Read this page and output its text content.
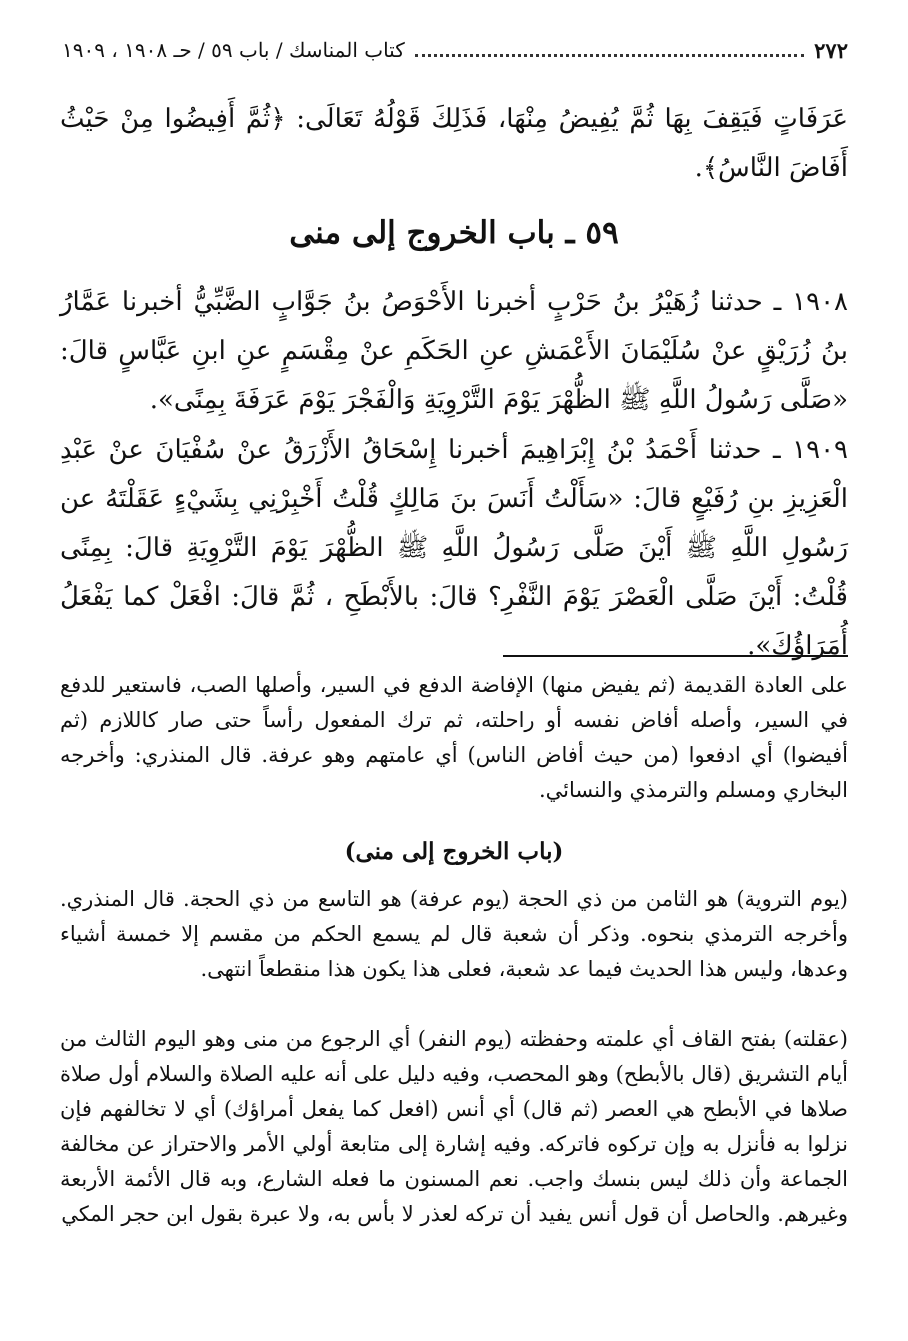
٢٧٢
كتاب المناسك / باب ٥٩ / حـ ١٩٠٨ ، ١٩٠٩

عَرَفَاتٍ فَيَقِفَ بِهَا ثُمَّ يُفِيضُ مِنْهَا، فَذَلِكَ قَوْلُهُ تَعَالَى: ﴿ثُمَّ أَفِيضُوا مِنْ حَيْثُ أَفَاضَ النَّاسُ﴾.

٥٩ ـ باب الخروج إلى منى

١٩٠٨ ـ حدثنا زُهَيْرُ بنُ حَرْبٍ أخبرنا الأَحْوَصُ بنُ جَوَّابٍ الضَّبِّيُّ أخبرنا عَمَّارُ بنُ زُرَيْقٍ عنْ سُلَيْمَانَ الأَعْمَشِ عنِ الحَكَمِ عنْ مِقْسَمٍ عنِ ابنِ عَبَّاسٍ قالَ: «صَلَّى رَسُولُ اللَّهِ ﷺ الظُّهْرَ يَوْمَ التَّرْوِيَةِ وَالْفَجْرَ يَوْمَ عَرَفَةَ بِمِنًى».

١٩٠٩ ـ حدثنا أَحْمَدُ بْنُ إِبْرَاهِيمَ أخبرنا إِسْحَاقُ الأَزْرَقُ عنْ سُفْيَانَ عنْ عَبْدِ الْعَزِيزِ بنِ رُفَيْعٍ قالَ: «سَأَلْتُ أَنَسَ بنَ مَالِكٍ قُلْتُ أَخْبِرْنِي بِشَيْءٍ عَقَلْتَهُ عن رَسُولِ اللَّهِ ﷺ أَيْنَ صَلَّى رَسُولُ اللَّهِ ﷺ الظُّهْرَ يَوْمَ التَّرْوِيَةِ قالَ: بِمِنًى قُلْتُ: أَيْنَ صَلَّى الْعَصْرَ يَوْمَ النَّفْرِ؟ قالَ: بالأَبْطَحِ ، ثُمَّ قالَ: افْعَلْ كما يَفْعَلُ أُمَرَاؤُكَ».

على العادة القديمة (ثم يفيض منها) الإفاضة الدفع في السير، وأصلها الصب، فاستعير للدفع في السير، وأصله أفاض نفسه أو راحلته، ثم ترك المفعول رأساً حتى صار كاللازم (ثم أفيضوا) أي ادفعوا (من حيث أفاض الناس) أي عامتهم وهو عرفة. قال المنذري: وأخرجه البخاري ومسلم والترمذي والنسائي.

(باب الخروج إلى منى)

(يوم التروية) هو الثامن من ذي الحجة (يوم عرفة) هو التاسع من ذي الحجة. قال المنذري. وأخرجه الترمذي بنحوه. وذكر أن شعبة قال لم يسمع الحكم من مقسم إلا خمسة أشياء وعدها، وليس هذا الحديث فيما عد شعبة، فعلى هذا يكون هذا منقطعاً انتهى.

(عقلته) بفتح القاف أي علمته وحفظته (يوم النفر) أي الرجوع من منى وهو اليوم الثالث من أيام التشريق (قال بالأبطح) وهو المحصب، وفيه دليل على أنه عليه الصلاة والسلام أول صلاة صلاها في الأبطح هي العصر (ثم قال) أي أنس (افعل كما يفعل أمراؤك) أي لا تخالفهم فإن نزلوا به فأنزل به وإن تركوه فاتركه. وفيه إشارة إلى متابعة أولي الأمر والاحتراز عن مخالفة الجماعة وأن ذلك ليس بنسك واجب. نعم المسنون ما فعله الشارع، وبه قال الأئمة الأربعة وغيرهم. والحاصل أن قول أنس يفيد أن تركه لعذر لا بأس به، ولا عبرة بقول ابن حجر المكي
